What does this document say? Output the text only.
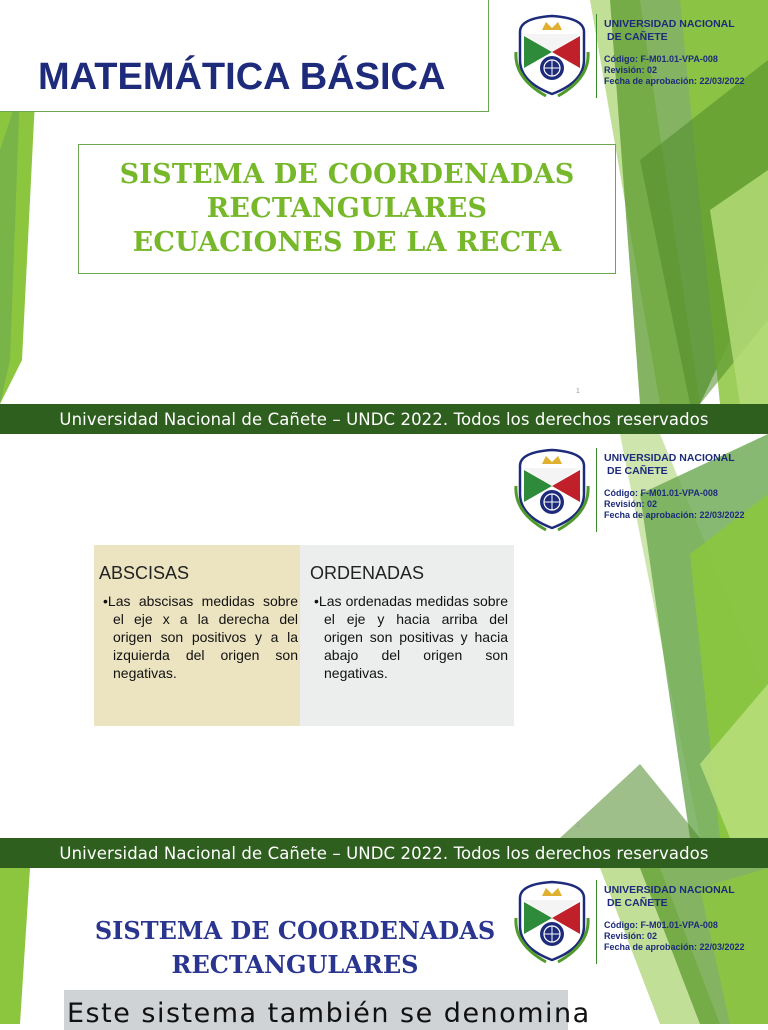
MATEMÁTICA BÁSICA
UNIVERSIDAD NACIONAL
DE CAÑETE
Código: F-M01.01-VPA-008
Revisión: 02
Fecha de aprobación: 22/03/2022
SISTEMA DE COORDENADAS
RECTANGULARES
ECUACIONES DE LA RECTA
1
Universidad Nacional de Cañete – UNDC 2022. Todos los derechos reservados
UNIVERSIDAD NACIONAL
DE CAÑETE
Código: F-M01.01-VPA-008
Revisión: 02
Fecha de aprobación: 22/03/2022
ABSCISAS

•Las abscisas medidas sobre el eje x a la derecha del origen son positivos y a la izquierda del origen son negativas.

ORDENADAS

•Las ordenadas medidas sobre el eje y hacia arriba del origen son positivas y hacia abajo del origen son negativas.

2
Universidad Nacional de Cañete – UNDC 2022. Todos los derechos reservados
UNIVERSIDAD NACIONAL
DE CAÑETE
Código: F-M01.01-VPA-008
Revisión: 02
Fecha de aprobación: 22/03/2022
SISTEMA DE COORDENADAS
RECTANGULARES
Este sistema también se denomina
